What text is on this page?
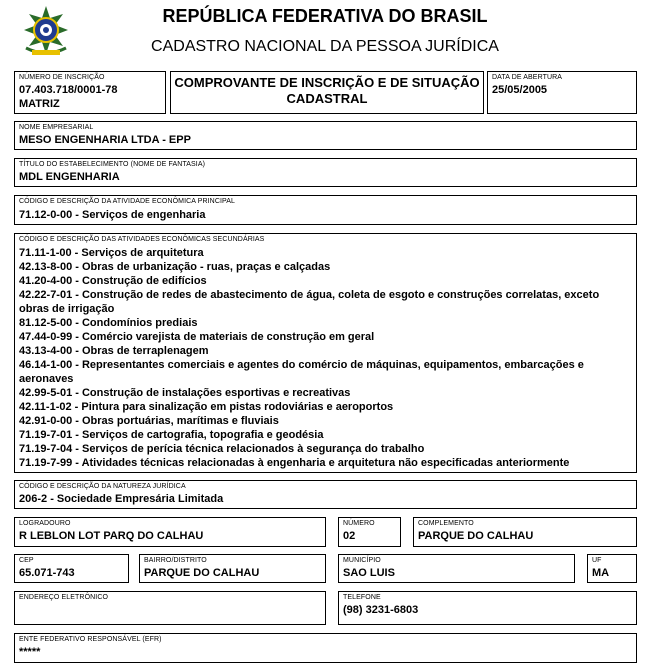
REPÚBLICA FEDERATIVA DO BRASIL
CADASTRO NACIONAL DA PESSOA JURÍDICA
NÚMERO DE INSCRIÇÃO
07.403.718/0001-78
MATRIZ
COMPROVANTE DE INSCRIÇÃO E DE SITUAÇÃO
CADASTRAL
DATA DE ABERTURA
25/05/2005
NOME EMPRESARIAL
MESO ENGENHARIA LTDA - EPP
TÍTULO DO ESTABELECIMENTO (NOME DE FANTASIA)
MDL ENGENHARIA
CÓDIGO E DESCRIÇÃO DA ATIVIDADE ECONÔMICA PRINCIPAL
71.12-0-00 - Serviços de engenharia
CÓDIGO E DESCRIÇÃO DAS ATIVIDADES ECONÔMICAS SECUNDÁRIAS
71.11-1-00 - Serviços de arquitetura
42.13-8-00 - Obras de urbanização - ruas, praças e calçadas
41.20-4-00 - Construção de edifícios
42.22-7-01 - Construção de redes de abastecimento de água, coleta de esgoto e construções correlatas, exceto obras de irrigação
81.12-5-00 - Condomínios prediais
47.44-0-99 - Comércio varejista de materiais de construção em geral
43.13-4-00 - Obras de terraplenagem
46.14-1-00 - Representantes comerciais e agentes do comércio de máquinas, equipamentos, embarcações e aeronaves
42.99-5-01 - Construção de instalações esportivas e recreativas
42.11-1-02 - Pintura para sinalização em pistas rodoviárias e aeroportos
42.91-0-00 - Obras portuárias, marítimas e fluviais
71.19-7-01 - Serviços de cartografia, topografia e geodésia
71.19-7-04 - Serviços de perícia técnica relacionados à segurança do trabalho
71.19-7-99 - Atividades técnicas relacionadas à engenharia e arquitetura não especificadas anteriormente
CÓDIGO E DESCRIÇÃO DA NATUREZA JURÍDICA
206-2 - Sociedade Empresária Limitada
LOGRADOURO
R LEBLON LOT PARQ DO CALHAU
NÚMERO
02
COMPLEMENTO
PARQUE DO CALHAU
CEP
65.071-743
BAIRRO/DISTRITO
PARQUE DO CALHAU
MUNICÍPIO
SAO LUIS
UF
MA
ENDEREÇO ELETRÔNICO	TELEFONE
(98) 3231-6803
ENTE FEDERATIVO RESPONSÁVEL (EFR)
*****
